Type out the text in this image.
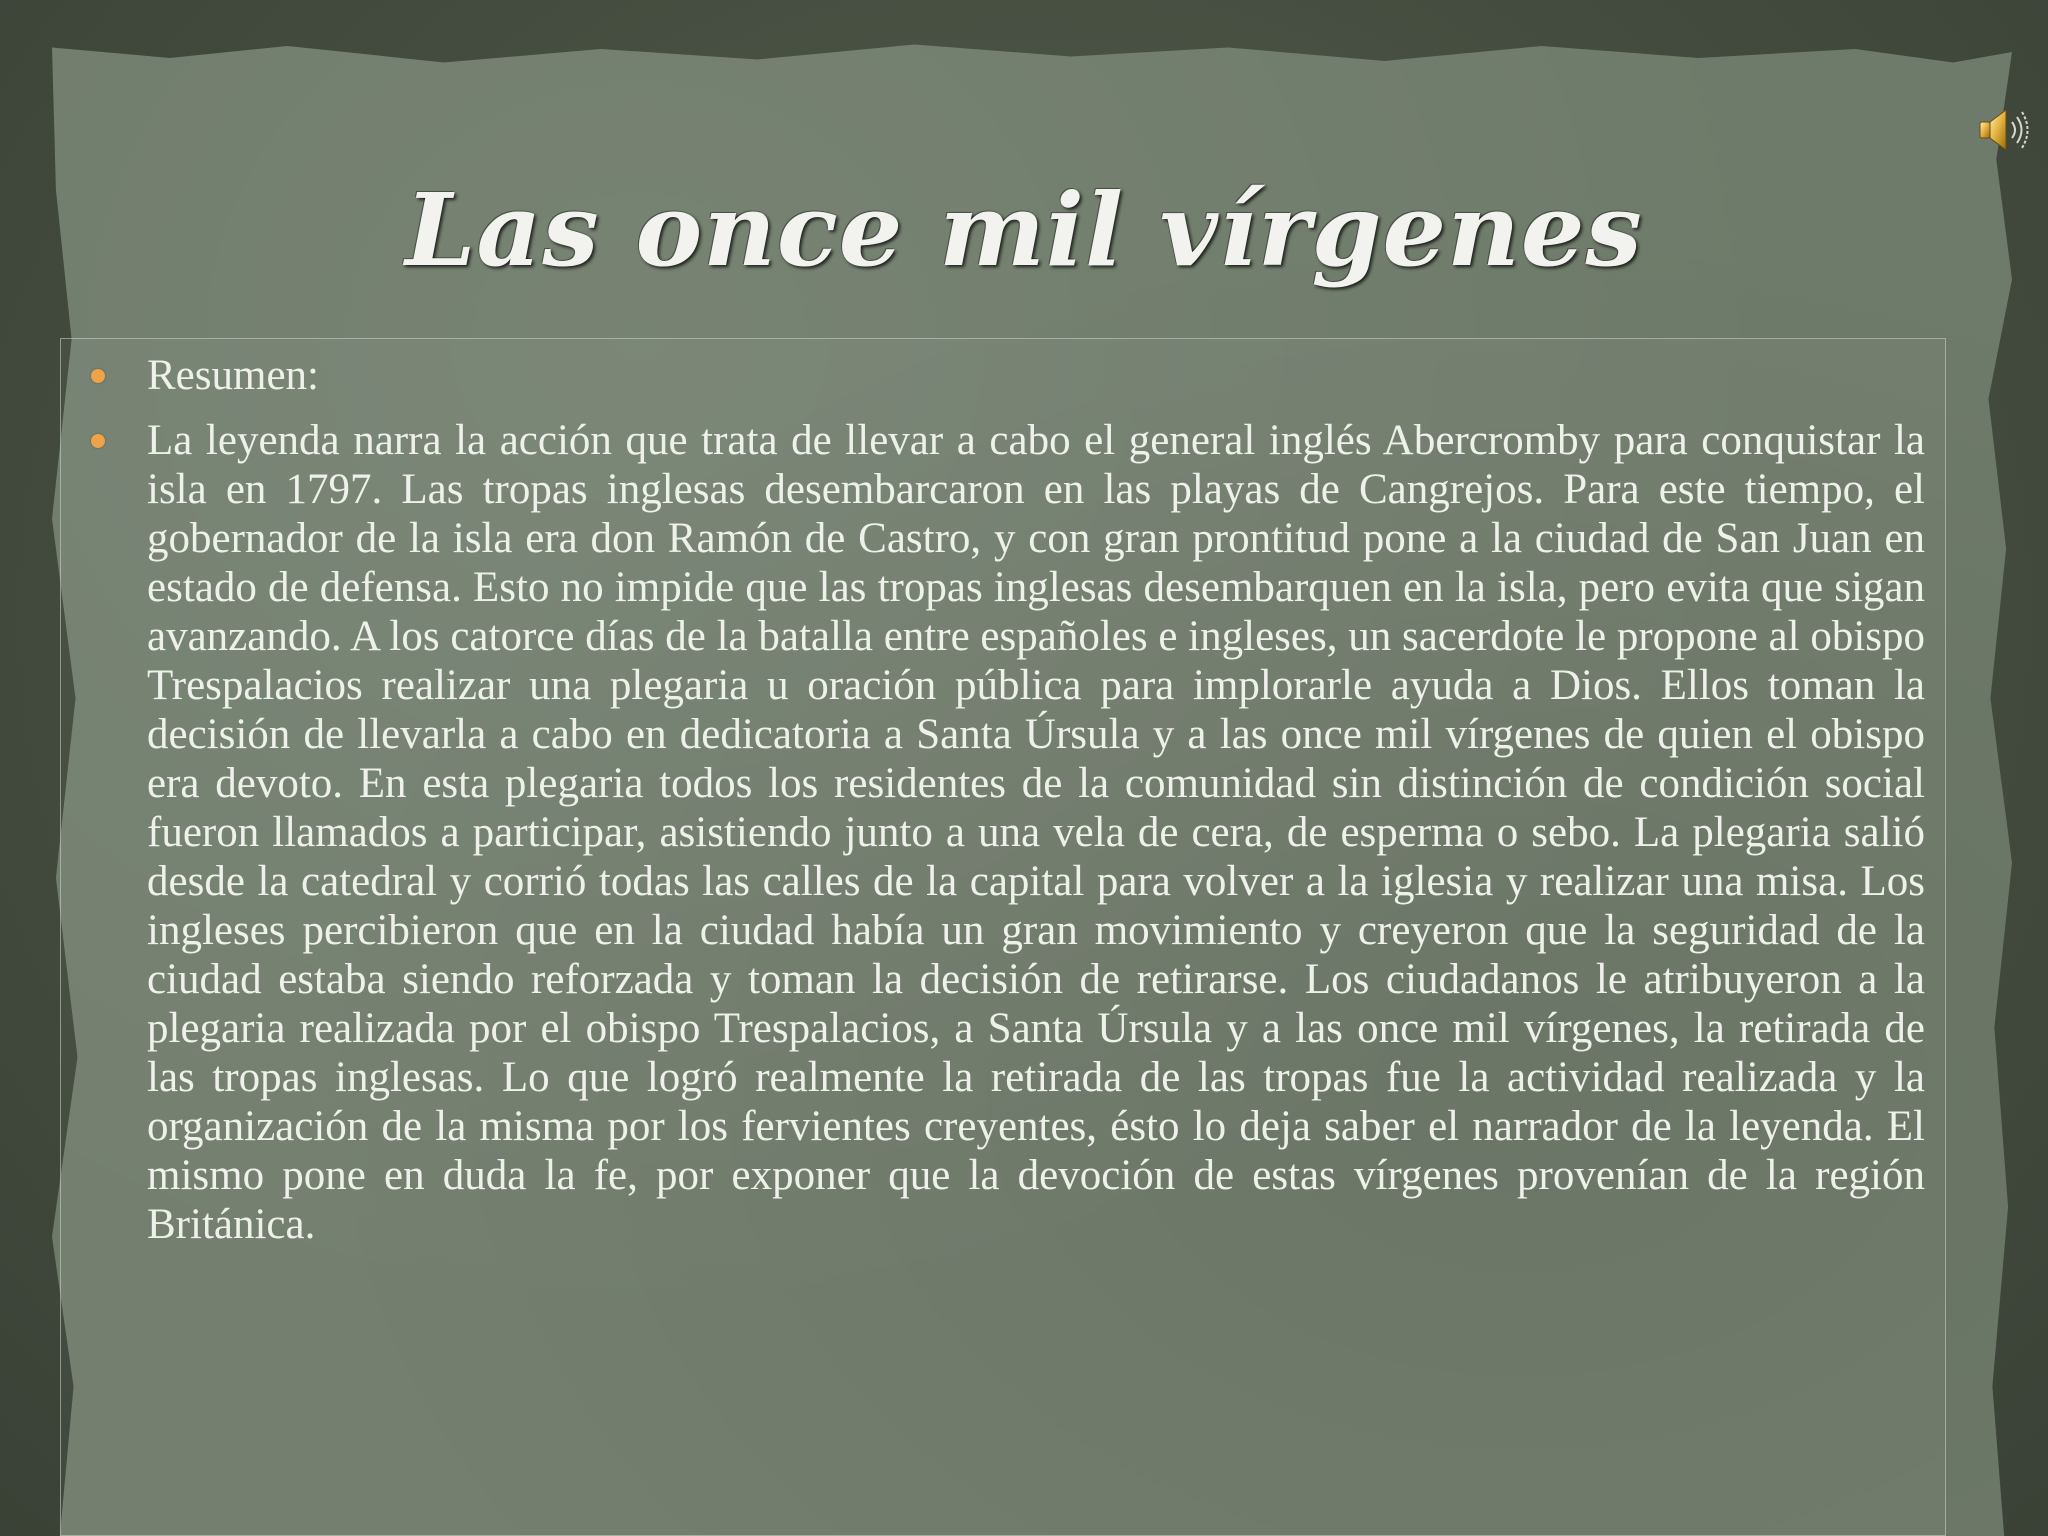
Las once mil vírgenes
Resumen:
La leyenda narra la acción que trata de llevar a cabo el general inglés Abercromby para conquistar la isla en 1797. Las tropas inglesas desembarcaron en las playas de Cangrejos. Para este tiempo, el gobernador de la isla era don Ramón de Castro, y con gran prontitud pone a la ciudad de San Juan en estado de defensa. Esto no impide que las tropas inglesas desembarquen en la isla, pero evita que sigan avanzando. A los catorce días de la batalla entre españoles e ingleses, un sacerdote le propone al obispo Trespalacios realizar una plegaria u oración pública para implorarle ayuda a Dios. Ellos toman la decisión de llevarla a cabo en dedicatoria a Santa Úrsula y a las once mil vírgenes de quien el obispo era devoto. En esta plegaria todos los residentes de la comunidad sin distinción de condición social fueron llamados a participar, asistiendo junto a una vela de cera, de esperma o sebo. La plegaria salió desde la catedral y corrió todas las calles de la capital para volver a la iglesia y realizar una misa. Los ingleses percibieron que en la ciudad había un gran movimiento y creyeron que la seguridad de la ciudad estaba siendo reforzada y toman la decisión de retirarse. Los ciudadanos le atribuyeron a la plegaria realizada por el obispo Trespalacios, a Santa Úrsula y a las once mil vírgenes, la retirada de las tropas inglesas. Lo que logró realmente la retirada de las tropas fue la actividad realizada y la organización de la misma por los fervientes creyentes, ésto lo deja saber el narrador de la leyenda. El mismo pone en duda la fe, por exponer que la devoción de estas vírgenes provenían de la región Británica.
